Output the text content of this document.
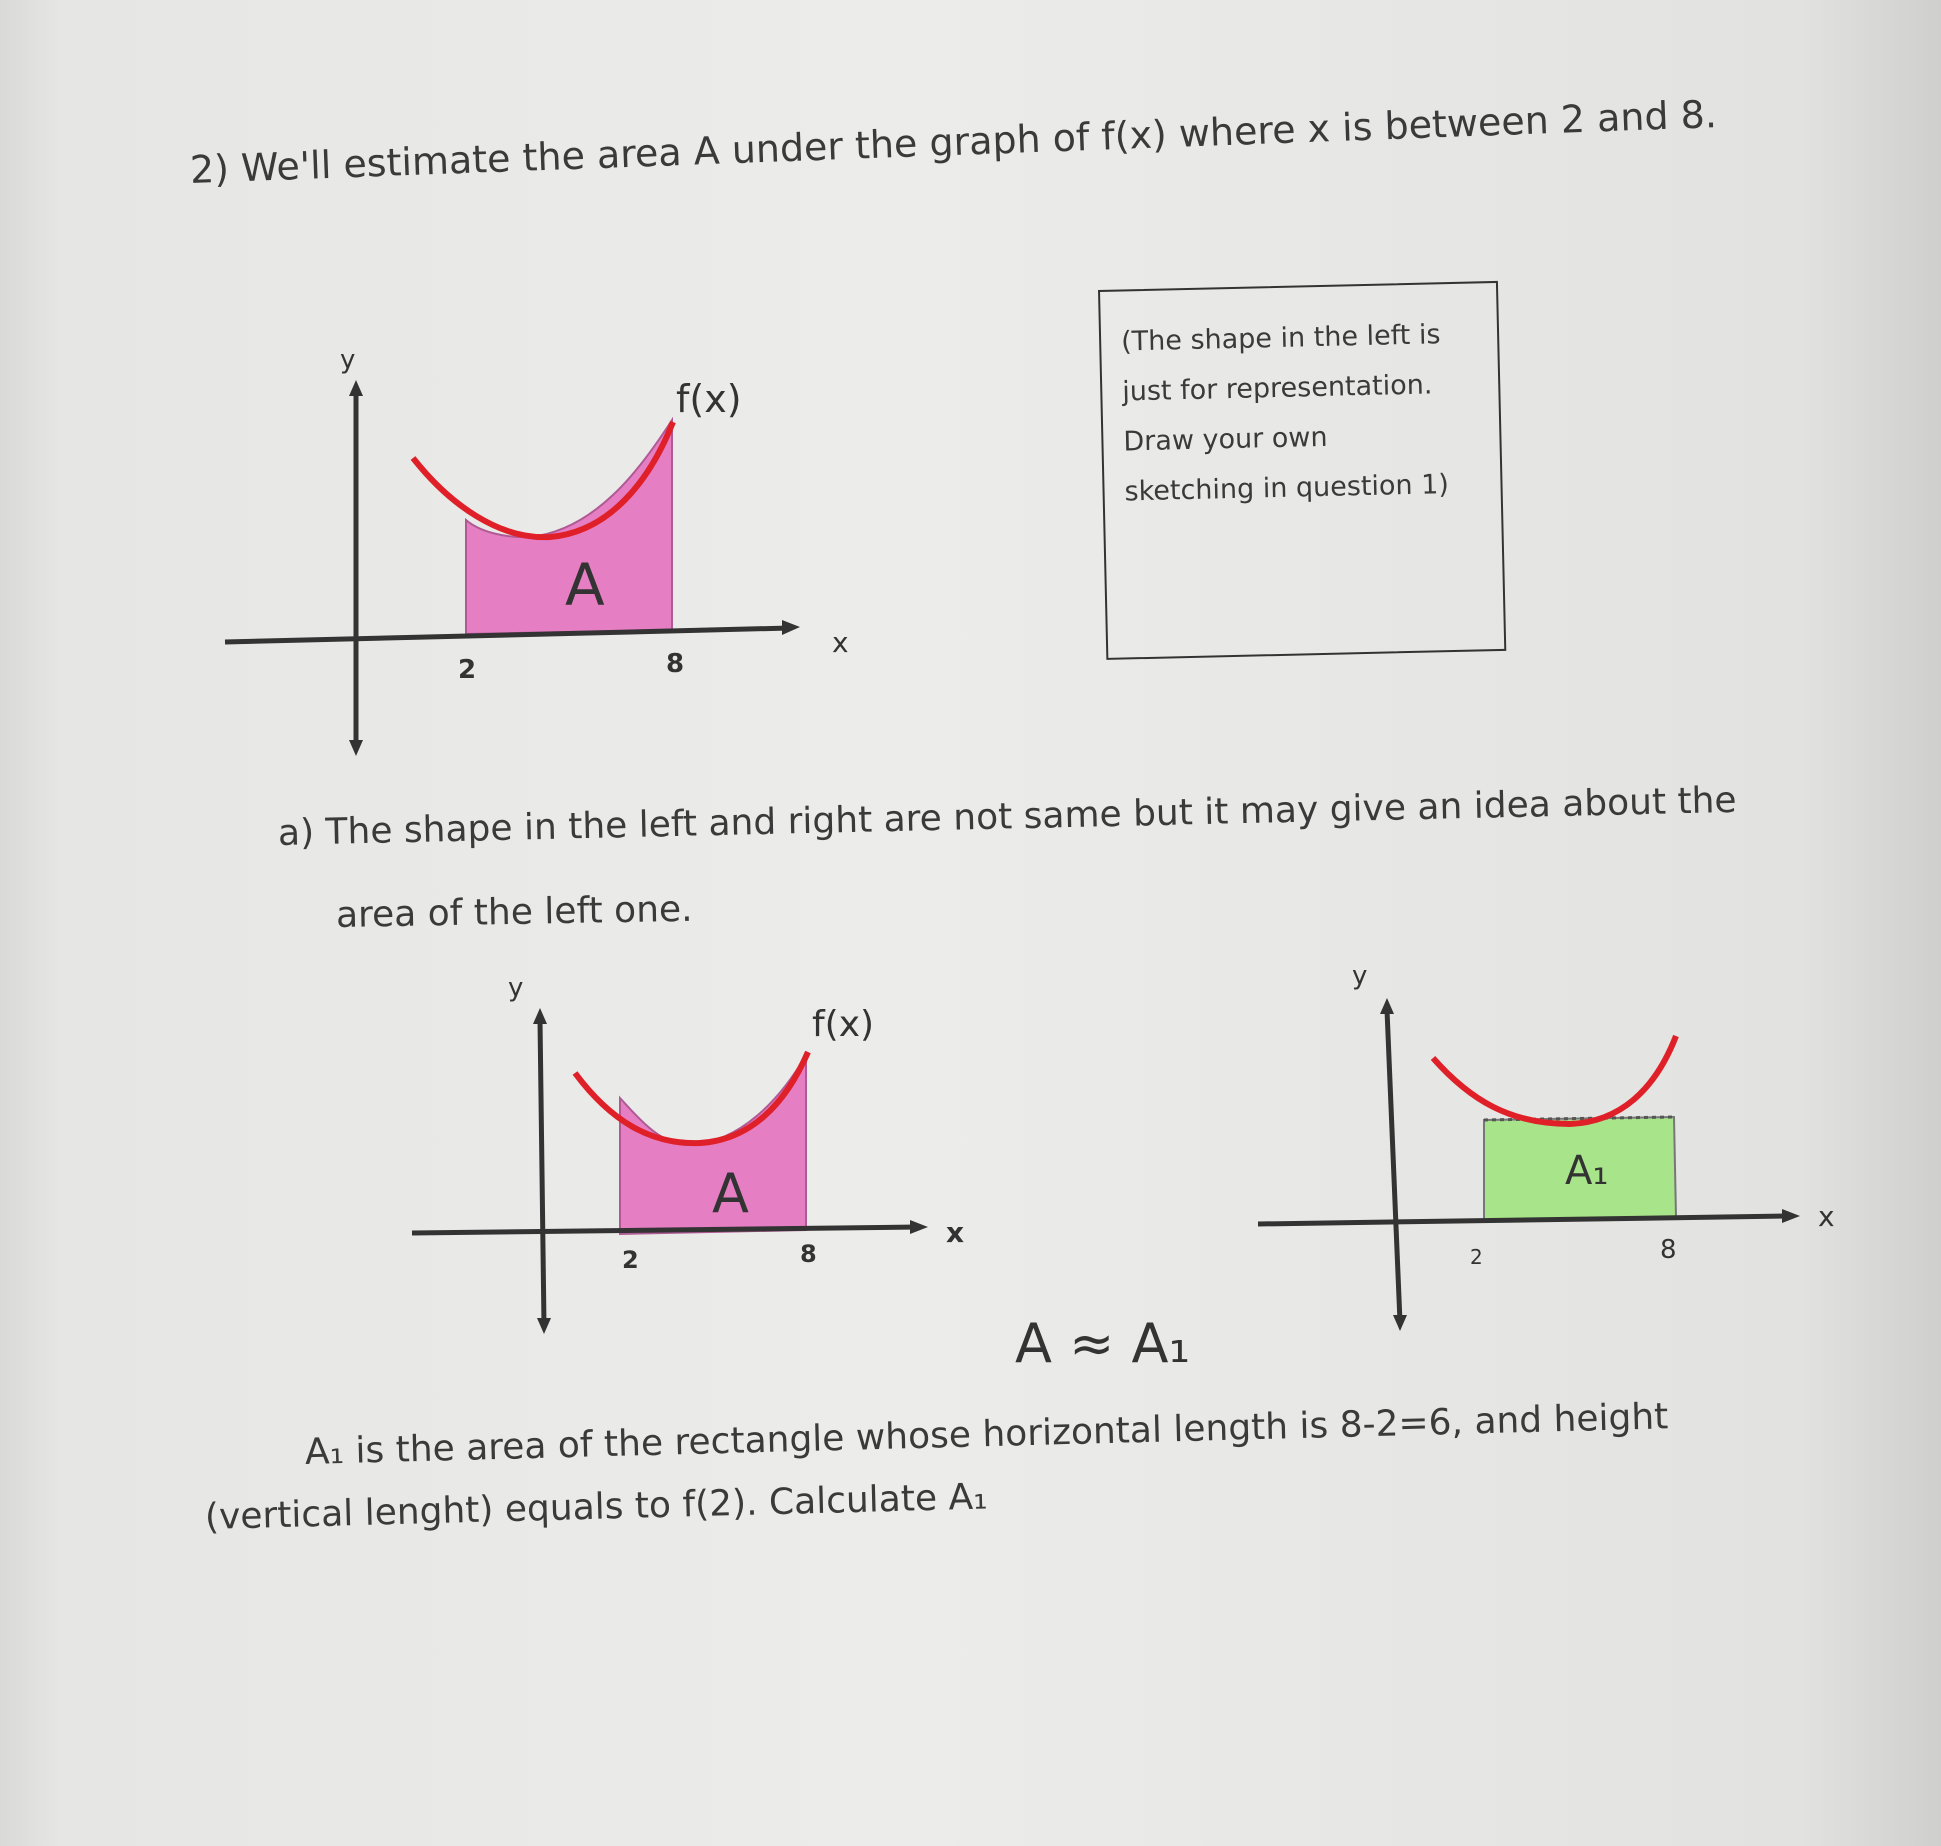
2) We'll estimate the area A under the graph of f(x) where x is between 2 and 8.
(The shape in the left is
just for representation.
Draw your own
sketching in question 1)
a) The shape in the left and right are not same but it may give an idea about the
area of the left one.
A₁ is the area of the rectangle whose horizontal length is 8-2=6, and height
(vertical lenght) equals to f(2). Calculate A₁
y
x
f(x)
A
2	8
y
x
f(x)
A
2	8
y
x
A₁
2	8
A ≈ A₁
